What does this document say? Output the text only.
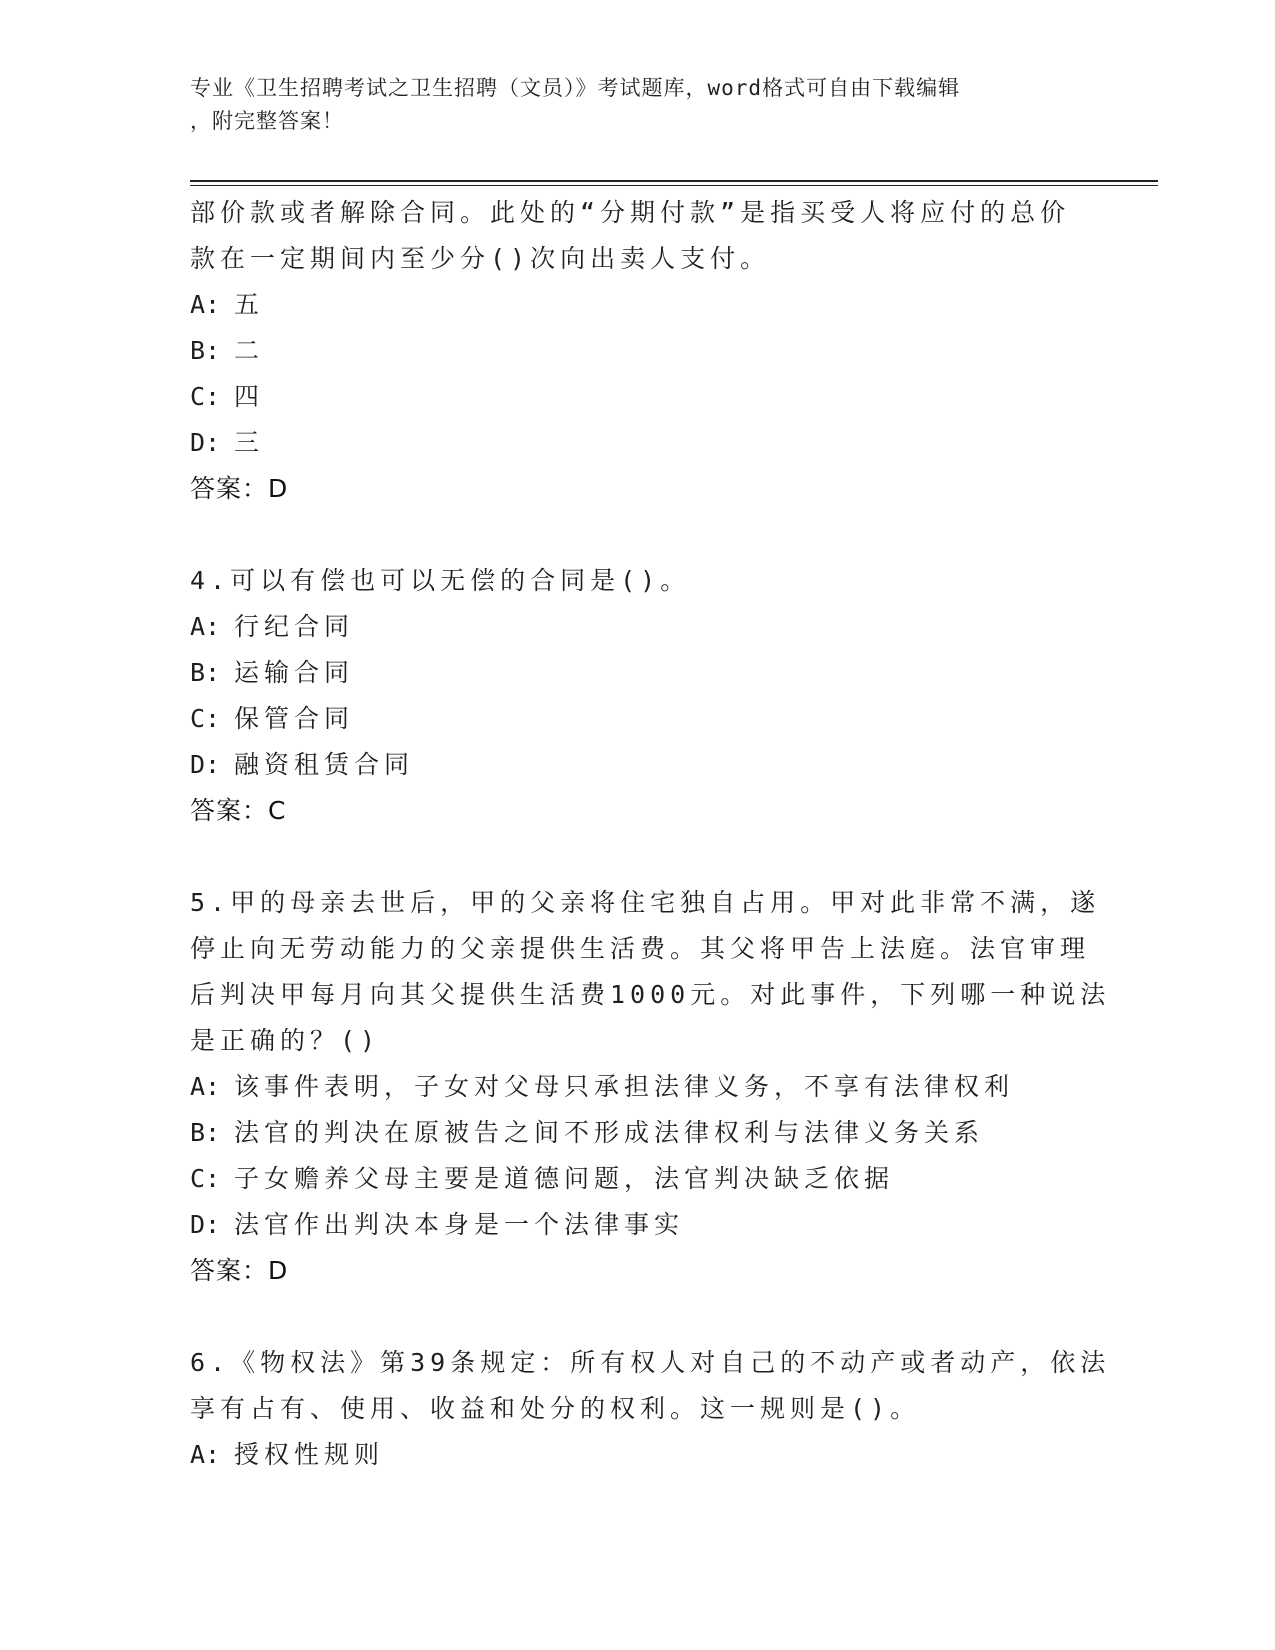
专业《卫生招聘考试之卫生招聘（文员）》考试题库，word格式可自由下载编辑
，附完整答案！
部价款或者解除合同。此处的“分期付款”是指买受人将应付的总价
款在一定期间内至少分()次向出卖人支付。
A: 五
B: 二
C: 四
D: 三
答案：D
4.可以有偿也可以无偿的合同是()。
A: 行纪合同
B: 运输合同
C: 保管合同
D: 融资租赁合同
答案：C
5.甲的母亲去世后，甲的父亲将住宅独自占用。甲对此非常不满，遂
停止向无劳动能力的父亲提供生活费。其父将甲告上法庭。法官审理
后判决甲每月向其父提供生活费1000元。对此事件，下列哪一种说法
是正确的？()
A: 该事件表明，子女对父母只承担法律义务，不享有法律权利
B: 法官的判决在原被告之间不形成法律权利与法律义务关系
C: 子女赡养父母主要是道德问题，法官判决缺乏依据
D: 法官作出判决本身是一个法律事实
答案：D
6.《物权法》第39条规定：所有权人对自己的不动产或者动产，依法
享有占有、使用、收益和处分的权利。这一规则是()。
A: 授权性规则
